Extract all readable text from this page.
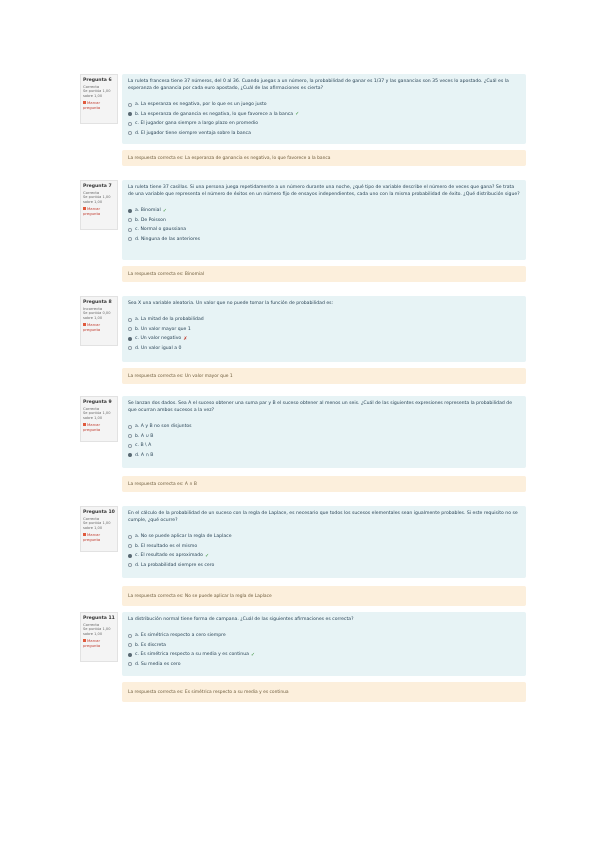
Pregunta 6
Correcta
Se puntúa 1,00 sobre 1,00
Marcar pregunta
La ruleta francesa tiene 37 números, del 0 al 36. Cuando juegas a un número, la probabilidad de ganar es 1/37 y las ganancias son 35 veces lo apostado. ¿Cuál es la esperanza de ganancia por cada euro apostado, ¿Cuál de las afirmaciones es cierta?
a. La esperanza es negativa, por lo que es un juego justo
b. La esperanza de ganancia es negativa, lo que favorece a la banca ✓
c. El jugador gana siempre a largo plazo en promedio
d. El jugador tiene siempre ventaja sobre la banca
La respuesta correcta es: La esperanza de ganancia es negativa, lo que favorece a la banca
Pregunta 7
Correcta
Se puntúa 1,00 sobre 1,00
Marcar pregunta
La ruleta tiene 37 casillas. Si una persona juega repetidamente a un número durante una noche, ¿qué tipo de variable describe el número de veces que gana? Se trata de una variable que representa el número de éxitos en un número fijo de ensayos independientes, cada uno con la misma probabilidad de éxito. ¿Qué distribución sigue?
a. Binomial ✓
b. De Poisson
c. Normal o gaussiana
d. Ninguna de las anteriores
La respuesta correcta es: Binomial
Pregunta 8
Incorrecta
Se puntúa 0,00 sobre 1,00
Marcar pregunta
Sea X una variable aleatoria. Un valor que no puede tomar la función de probabilidad es:
a. La mitad de la probabilidad
b. Un valor mayor que 1
c. Un valor negativo ✗
d. Un valor igual a 0
La respuesta correcta es: Un valor mayor que 1
Pregunta 9
Correcta
Se puntúa 1,00 sobre 1,00
Marcar pregunta
Se lanzan dos dados. Sea A el suceso obtener una suma par y B el suceso obtener al menos un seis. ¿Cuál de las siguientes expresiones representa la probabilidad de que ocurran ambos sucesos a la vez?
a. A y B no son disjuntos
b. A ∪ B
c. B \ A
d. A ∩ B
La respuesta correcta es: A ∩ B
Pregunta 10
Correcta
Se puntúa 1,00 sobre 1,00
Marcar pregunta
En el cálculo de la probabilidad de un suceso con la regla de Laplace, es necesario que todos los sucesos elementales sean igualmente probables. Si este requisito no se cumple, ¿qué ocurre?
a. No se puede aplicar la regla de Laplace
b. El resultado es el mismo
c. El resultado es aproximado ✓
d. La probabilidad siempre es cero
La respuesta correcta es: No se puede aplicar la regla de Laplace
Pregunta 11
Correcta
Se puntúa 1,00 sobre 1,00
Marcar pregunta
La distribución normal tiene forma de campana. ¿Cuál de las siguientes afirmaciones es correcta?
a. Es simétrica respecto a cero siempre
b. Es discreta
c. Es simétrica respecto a su media y es continua ✓
d. Su media es cero
La respuesta correcta es: Es simétrica respecto a su media y es continua
